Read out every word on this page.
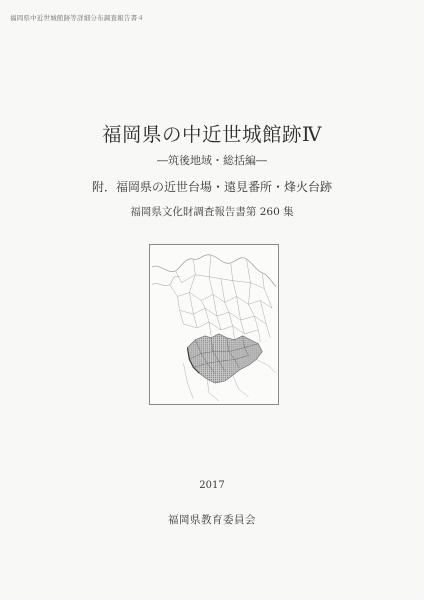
福岡県中近世城館跡等詳細分布調査報告書４
福岡県の中近世城館跡Ⅳ
―筑後地域・総括編―
附．福岡県の近世台場・遠見番所・烽火台跡
福岡県文化財調査報告書第 260 集
2017
福岡県教育委員会
